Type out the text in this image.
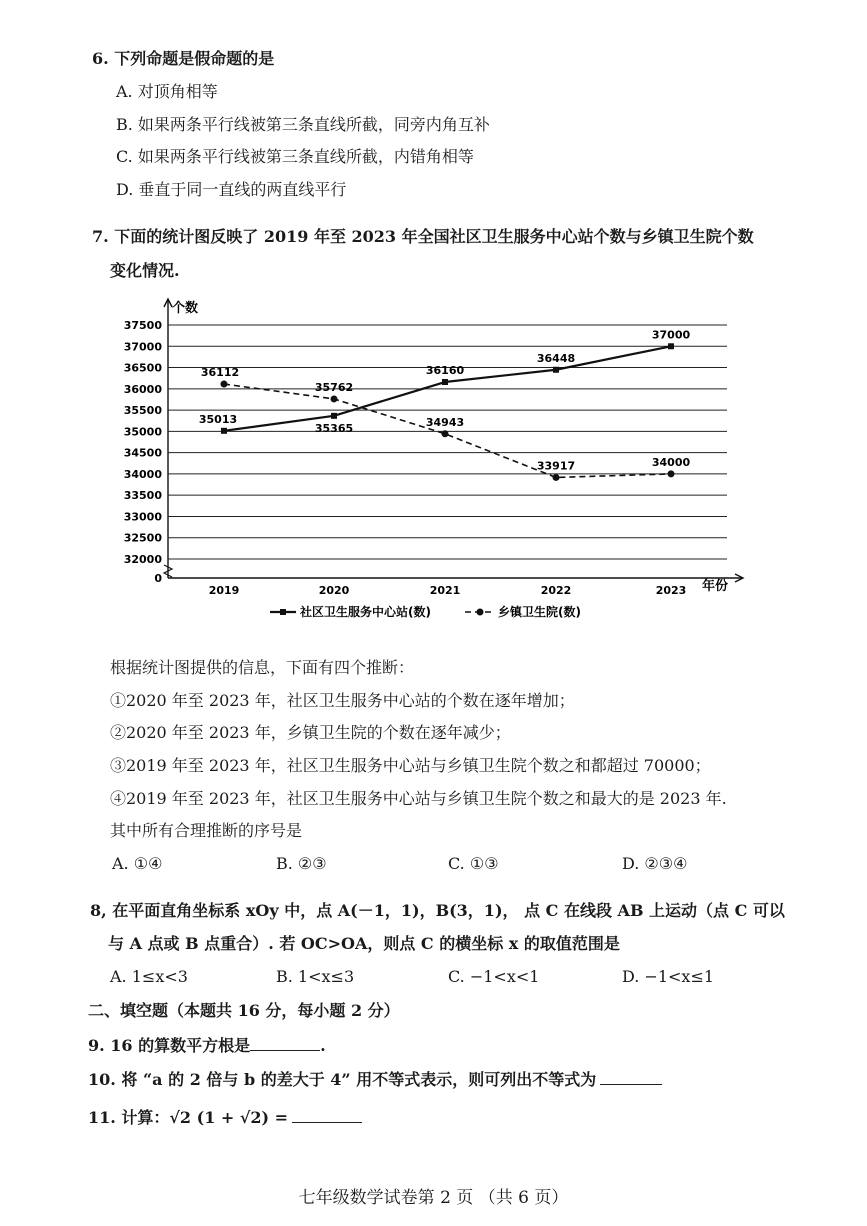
6. 下列命题是假命题的是
A. 对顶角相等
B. 如果两条平行线被第三条直线所截，同旁内角互补
C. 如果两条平行线被第三条直线所截，内错角相等
D. 垂直于同一直线的两直线平行
7. 下面的统计图反映了 2019 年至 2023 年全国社区卫生服务中心站个数与乡镇卫生院个数
变化情况.
37500
37000
36500
36000
35500
35000
34500
34000
33500
33000
32500
32000
0
2019	2020	2021	2022	2023
35013
35365
36160
36448
37000
36112
35762
34943
33917	34000
社区卫生服务中心站(数)	乡镇卫生院(数)
个数
年份
根据统计图提供的信息，下面有四个推断：
①2020 年至 2023 年，社区卫生服务中心站的个数在逐年增加；
②2020 年至 2023 年，乡镇卫生院的个数在逐年减少；
③2019 年至 2023 年，社区卫生服务中心站与乡镇卫生院个数之和都超过 70000；
④2019 年至 2023 年，社区卫生服务中心站与乡镇卫生院个数之和最大的是 2023 年.
其中所有合理推断的序号是
A. ①④	B. ②③	C. ①③	D. ②③④
8, 在平面直角坐标系 xOy 中，点 A(－1，1)，B(3，1)， 点 C 在线段 AB 上运动（点 C 可以
与 A 点或 B 点重合）. 若 OC>OA，则点 C 的横坐标 x 的取值范围是
A. 1≤x<3	B. 1<x≤3	C. −1<x<1	D. −1<x≤1
二、填空题（本题共 16 分，每小题 2 分）
9. 16 的算数平方根是	.
10. 将 “a 的 2 倍与 b 的差大于 4” 用不等式表示，则可列出不等式为
11. 计算：√2 (1 + √2) =
七年级数学试卷第 2 页 （共 6 页）
